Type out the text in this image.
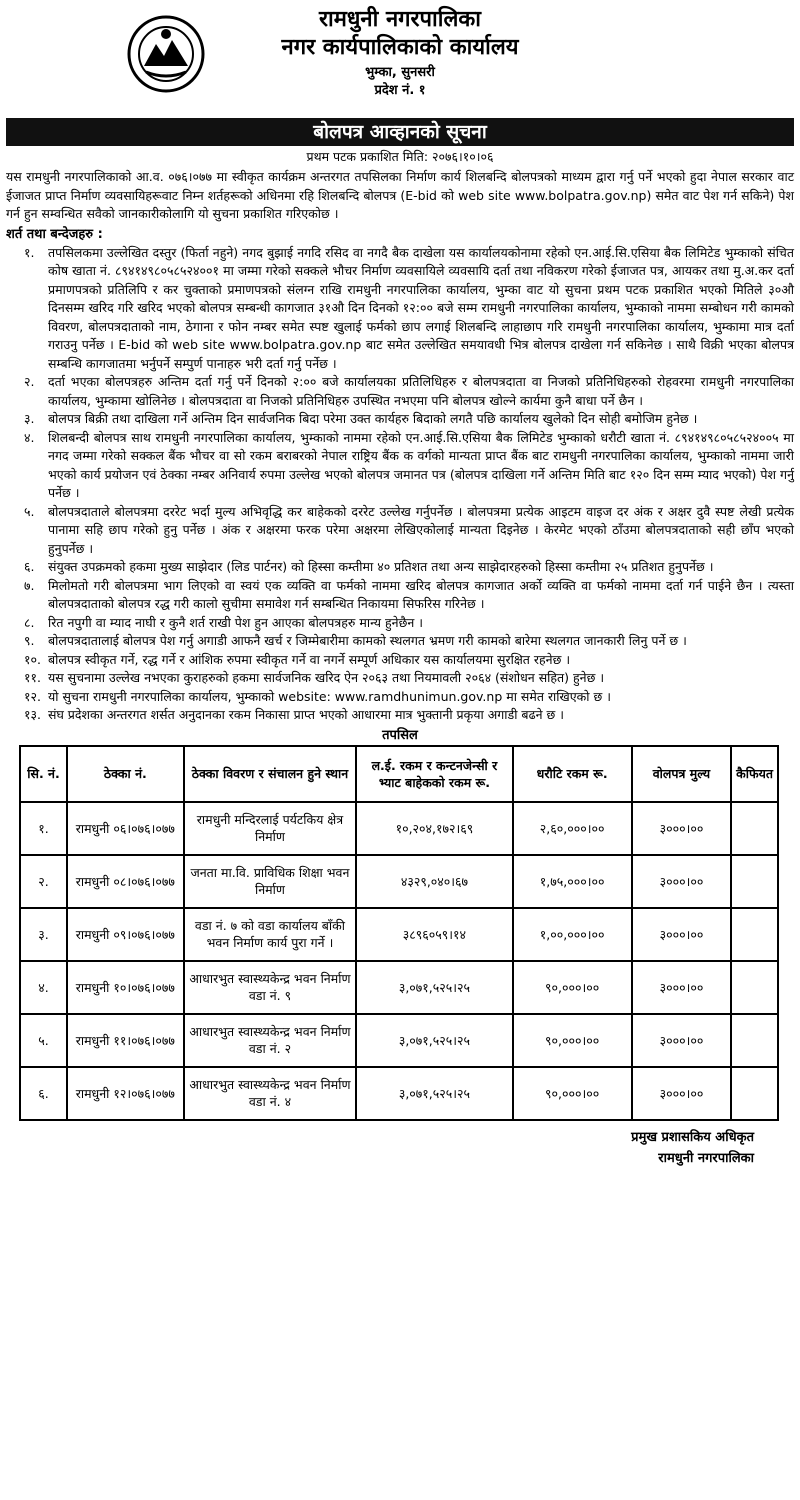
रामधुनी नगरपालिका
नगर कार्यपालिकाको कार्यालय
भुम्का, सुनसरी
प्रदेश नं. १
बोलपत्र आव्हानको सूचना
प्रथम पटक प्रकाशित मिति: २०७६।१०।०६
यस रामधुनी नगरपालिकाको आ.व. ०७६।०७७ मा स्वीकृत कार्यक्रम अन्तरगत तपसिलका निर्माण कार्य शिलबन्दि बोलपत्रको माध्यम द्वारा गर्नु पर्ने भएको हुदा नेपाल सरकार वाट ईजाजत प्राप्त निर्माण व्यवसायिहरूवाट निम्न शर्तहरूको अधिनमा रहि शिलबन्दि बोलपत्र (E-bid को web site www.bolpatra.gov.np) समेत वाट पेश गर्न सकिने) पेश गर्न हुन सम्वन्धित सवैको जानकारीकोलागि यो सुचना प्रकाशित गरिएकोछ ।
शर्त तथा बन्देजहरु :
१.	तपसिलकमा उल्लेखित दस्तुर (फिर्ता नहुने) नगद बुझाई नगदि रसिद वा नगदै बैक दाखेला यस कार्यालयकोनामा रहेको एन.आई.सि.एसिया बैक लिमिटेड भुम्काको संचित कोष खाता नं. ८९४१४९८०५८५२४००१ मा जम्मा गरेको सक्कले भौचर निर्माण व्यवसायिले व्यवसायि दर्ता तथा नविकरण गरेको ईजाजत पत्र, आयकर तथा मु.अ.कर दर्ता प्रमाणपत्रको प्रतिलिपि र कर चुक्ताको प्रमाणपत्रको संलग्न राखि रामधुनी नगरपालिका कार्यालय, भुम्का वाट यो सुचना प्रथम पटक प्रकाशित भएको मितिले ३०औ दिनसम्म खरिद गरि खरिद भएको बोलपत्र सम्बन्धी कागजात ३१औ दिन दिनको १२:०० बजे सम्म रामधुनी नगरपालिका कार्यालय, भुम्काको नाममा सम्बोधन गरी कामको विवरण, बोलपत्रदाताको नाम, ठेगाना र फोन नम्बर समेत स्पष्ट खुलाई फर्मको छाप लगाई शिलबन्दि लाहाछाप गरि रामधुनी नगरपालिका कार्यालय, भुम्कामा मात्र दर्ता गराउनु पर्नेछ । E-bid को web site www.bolpatra.gov.np बाट समेत उल्लेखित समयावधी भित्र बोलपत्र दाखेला गर्न सकिनेछ । साथै विक्री भएका बोलपत्र सम्बन्धि कागजातमा भर्नुपर्ने सम्पुर्ण पानाहरु भरी दर्ता गर्नु पर्नेछ ।
२.	दर्ता भएका बोलपत्रहरु अन्तिम दर्ता गर्नु पर्ने दिनको २:०० बजे कार्यालयका प्रतिलिधिहरु र बोलपत्रदाता वा निजको प्रतिनिधिहरुको रोहवरमा रामधुनी नगरपालिका कार्यालय, भुम्कामा खोलिनेछ । बोलपत्रदाता वा निजको प्रतिनिधिहरु उपस्थित नभएमा पनि बोलपत्र खोल्ने कार्यमा कुनै बाधा पर्ने छैन ।
३.	बोलपत्र बिक्री तथा दाखिला गर्ने अन्तिम दिन सार्वजनिक बिदा परेमा उक्त कार्यहरु बिदाको लगतै पछि कार्यालय खुलेको दिन सोही बमोजिम हुनेछ ।
४.	शिलबन्दी बोलपत्र साथ रामधुनी नगरपालिका कार्यालय, भुम्काको नाममा रहेको एन.आई.सि.एसिया बैक लिमिटेड भुम्काको धरौटी खाता नं. ८९४१४९८०५८५२४००५ मा नगद जम्मा गरेको सक्कल बैंक भौचर वा सो रकम बराबरको नेपाल राष्ट्रिय बैंक क वर्गको मान्यता प्राप्त बैंक बाट रामधुनी नगरपालिका कार्यालय, भुम्काको नाममा जारी भएको कार्य प्रयोजन एवं ठेक्का नम्बर अनिवार्य रुपमा उल्लेख भएको बोलपत्र जमानत पत्र (बोलपत्र दाखिला गर्ने अन्तिम मिति बाट १२० दिन सम्म म्याद भएको) पेश गर्नु पर्नेछ ।
५.	बोलपत्रदाताले बोलपत्रमा दररेट भर्दा मुल्य अभिवृद्धि कर बाहेकको दररेट उल्लेख गर्नुपर्नेछ । बोलपत्रमा प्रत्येक आइटम वाइज दर अंक र अक्षर दुवै स्पष्ट लेखी प्रत्येक पानामा सहि छाप गरेको हुनु पर्नेछ । अंक र अक्षरमा फरक परेमा अक्षरमा लेखिएकोलाई मान्यता दिइनेछ । केरमेट भएको ठाँउमा बोलपत्रदाताको सही छाँप भएको हुनुपर्नेछ ।
६.	संयुक्त उपक्रमको हकमा मुख्य साझेदार (लिड पार्टनर) को हिस्सा कम्तीमा ४० प्रतिशत तथा अन्य साझेदारहरुको हिस्सा कम्तीमा २५ प्रतिशत हुनुपर्नेछ ।
७.	मिलोमतो गरी बोलपत्रमा भाग लिएको वा स्वयं एक व्यक्ति वा फर्मको नाममा खरिद बोलपत्र कागजात अर्को व्यक्ति वा फर्मको नाममा दर्ता गर्न पाईने छैन । त्यस्ता बोलपत्रदाताको बोलपत्र रद्ध गरी कालो सुचीमा समावेश गर्न सम्बन्धित निकायमा सिफरिस गरिनेछ ।
८.	रित नपुगी वा म्याद नाघी र कुनै शर्त राखी पेश हुन आएका बोलपत्रहरु मान्य हुनेछैन ।
९.	बोलपत्रदातालाई बोलपत्र पेश गर्नु अगाडी आफनै खर्च र जिम्मेबारीमा कामको स्थलगत भ्रमण गरी कामको बारेमा स्थलगत जानकारी लिनु पर्ने छ ।
१०. बोलपत्र स्वीकृत गर्ने, रद्ध गर्ने र आंशिक रुपमा स्वीकृत गर्ने वा नगर्ने सम्पूर्ण अधिकार यस कार्यालयमा सुरक्षित रहनेछ ।
११. यस सुचनामा उल्लेख नभएका कुराहरुको हकमा सार्वजनिक खरिद ऐन २०६३ तथा नियमावली २०६४ (संशोधन सहित) हुनेछ ।
१२. यो सुचना रामधुनी नगरपालिका कार्यालय, भुम्काको website: www.ramdhunimun.gov.np मा समेत राखिएको छ ।
१३. संघ प्रदेशका अन्तरगत शर्सत अनुदानका रकम निकासा प्राप्त भएको आधारमा मात्र भुक्तानी प्रकृया अगाडी बढने छ ।
तपसिल
सि. नं.	ठेक्का नं.	ठेक्का विवरण र संचालन हुने स्थान	ल.ई. रकम र कन्टनजेन्सी र भ्याट बाहेकको रकम रू.	धरौटि रकम रू.	वोलपत्र मुल्य	कैफियत
१.	रामधुनी ०६।०७६।०७७	रामधुनी मन्दिरलाई पर्यटकिय क्षेत्र निर्माण	१०,२०४,१७२।६९	२,६०,०००।००	३०००।००	
२.	रामधुनी ०८।०७६।०७७	जनता मा.वि. प्राविधिक शिक्षा भवन निर्माण	४३२९,०४०।६७	१,७५,०००।००	३०००।००	
३.	रामधुनी ०९।०७६।०७७	वडा नं. ७ को वडा कार्यालय बाँकी भवन निर्माण कार्य पुरा गर्ने ।	३८९६०५९।१४	१,००,०००।००	३०००।००	
४.	रामधुनी १०।०७६।०७७	आधारभुत स्वास्थ्यकेन्द्र भवन निर्माण वडा नं. ९	३,०७१,५२५।२५	९०,०००।००	३०००।००	
५.	रामधुनी ११।०७६।०७७	आधारभुत स्वास्थ्यकेन्द्र भवन निर्माण वडा नं. २	३,०७१,५२५।२५	९०,०००।००	३०००।००	
६.	रामधुनी १२।०७६।०७७	आधारभुत स्वास्थ्यकेन्द्र भवन निर्माण वडा नं. ४	३,०७१,५२५।२५	९०,०००।००	३०००।००	
प्रमुख प्रशासकिय अधिकृत
रामधुनी नगरपालिका
